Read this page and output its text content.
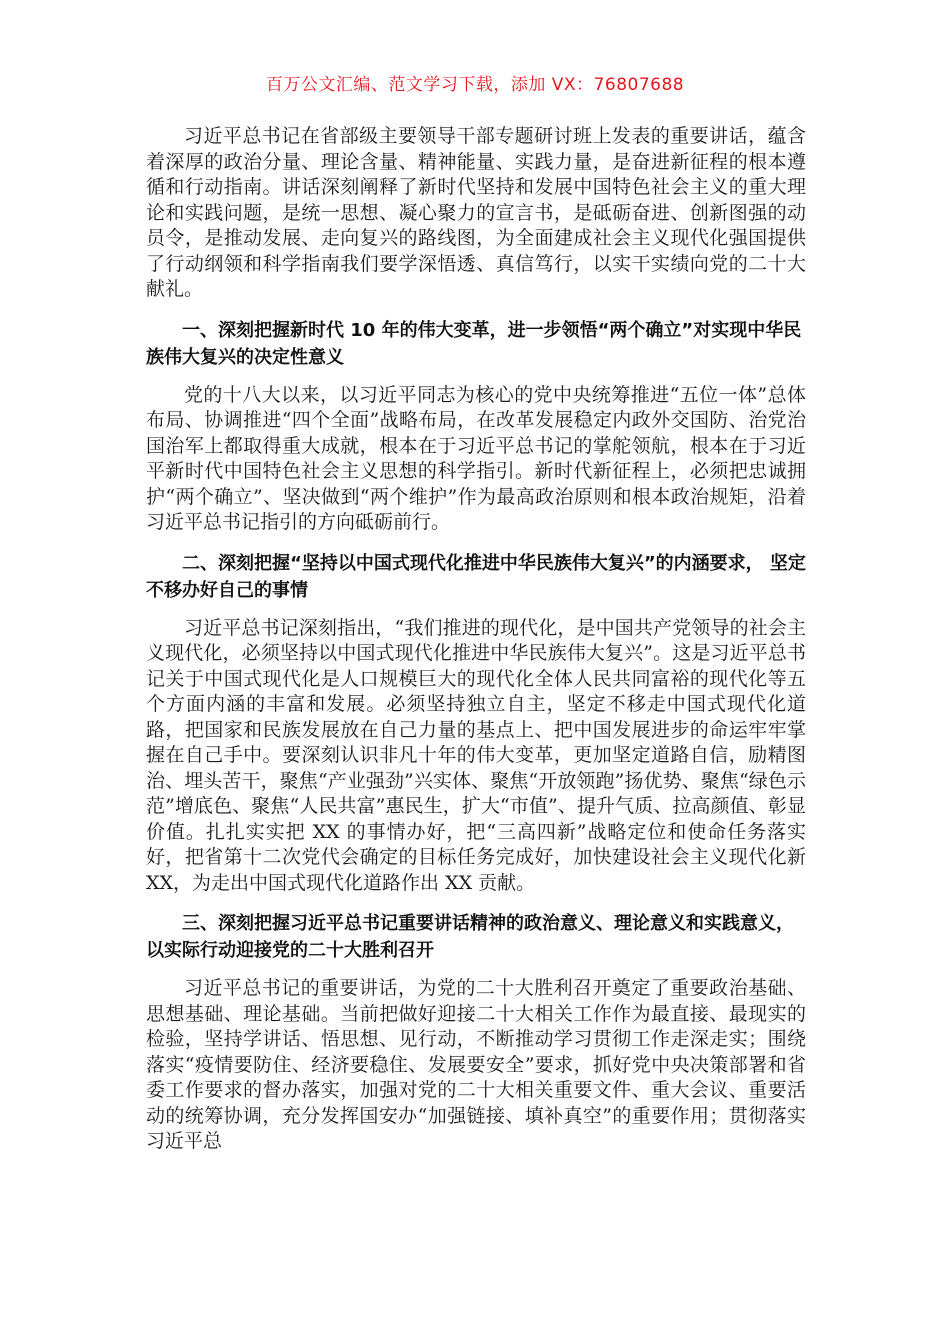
百万公文汇编、范文学习下载，添加 VX：76807688

习近平总书记在省部级主要领导干部专题研讨班上发表的重要讲话，蕴含着深厚的政治分量、理论含量、精神能量、实践力量，是奋进新征程的根本遵循和行动指南。讲话深刻阐释了新时代坚持和发展中国特色社会主义的重大理论和实践问题，是统一思想、凝心聚力的宣言书，是砥砺奋进、创新图强的动员令，是推动发展、走向复兴的路线图，为全面建成社会主义现代化强国提供了行动纲领和科学指南我们要学深悟透、真信笃行，以实干实绩向党的二十大献礼。

一、深刻把握新时代 10 年的伟大变革，进一步领悟“两个确立”对实现中华民族伟大复兴的决定性意义

党的十八大以来，以习近平同志为核心的党中央统筹推进“五位一体”总体布局、协调推进“四个全面”战略布局，在改革发展稳定内政外交国防、治党治国治军上都取得重大成就，根本在于习近平总书记的掌舵领航，根本在于习近平新时代中国特色社会主义思想的科学指引。新时代新征程上，必须把忠诚拥护“两个确立”、坚决做到“两个维护”作为最高政治原则和根本政治规矩，沿着习近平总书记指引的方向砥砺前行。

二、深刻把握“坚持以中国式现代化推进中华民族伟大复兴”的内涵要求， 坚定不移办好自己的事情

习近平总书记深刻指出，“我们推进的现代化，是中国共产党领导的社会主义现代化，必须坚持以中国式现代化推进中华民族伟大复兴”。这是习近平总书记关于中国式现代化是人口规模巨大的现代化全体人民共同富裕的现代化等五个方面内涵的丰富和发展。必须坚持独立自主，坚定不移走中国式现代化道路，把国家和民族发展放在自己力量的基点上、把中国发展进步的命运牢牢掌握在自己手中。要深刻认识非凡十年的伟大变革，更加坚定道路自信，励精图治、埋头苦干，聚焦“产业强劲”兴实体、聚焦“开放领跑”扬优势、聚焦“绿色示范”增底色、聚焦“人民共富”惠民生，扩大“市值”、提升气质、拉高颜值、彰显价值。扎扎实实把 XX 的事情办好，把“三高四新”战略定位和使命任务落实好，把省第十二次党代会确定的目标任务完成好，加快建设社会主义现代化新 XX，为走出中国式现代化道路作出 XX 贡献。

三、深刻把握习近平总书记重要讲话精神的政治意义、理论意义和实践意义，以实际行动迎接党的二十大胜利召开

习近平总书记的重要讲话，为党的二十大胜利召开奠定了重要政治基础、思想基础、理论基础。当前把做好迎接二十大相关工作作为最直接、最现实的检验，坚持学讲话、悟思想、见行动，不断推动学习贯彻工作走深走实；围绕落实“疫情要防住、经济要稳住、发展要安全”要求，抓好党中央决策部署和省委工作要求的督办落实，加强对党的二十大相关重要文件、重大会议、重要活动的统筹协调，充分发挥国安办“加强链接、填补真空”的重要作用；贯彻落实习近平总
